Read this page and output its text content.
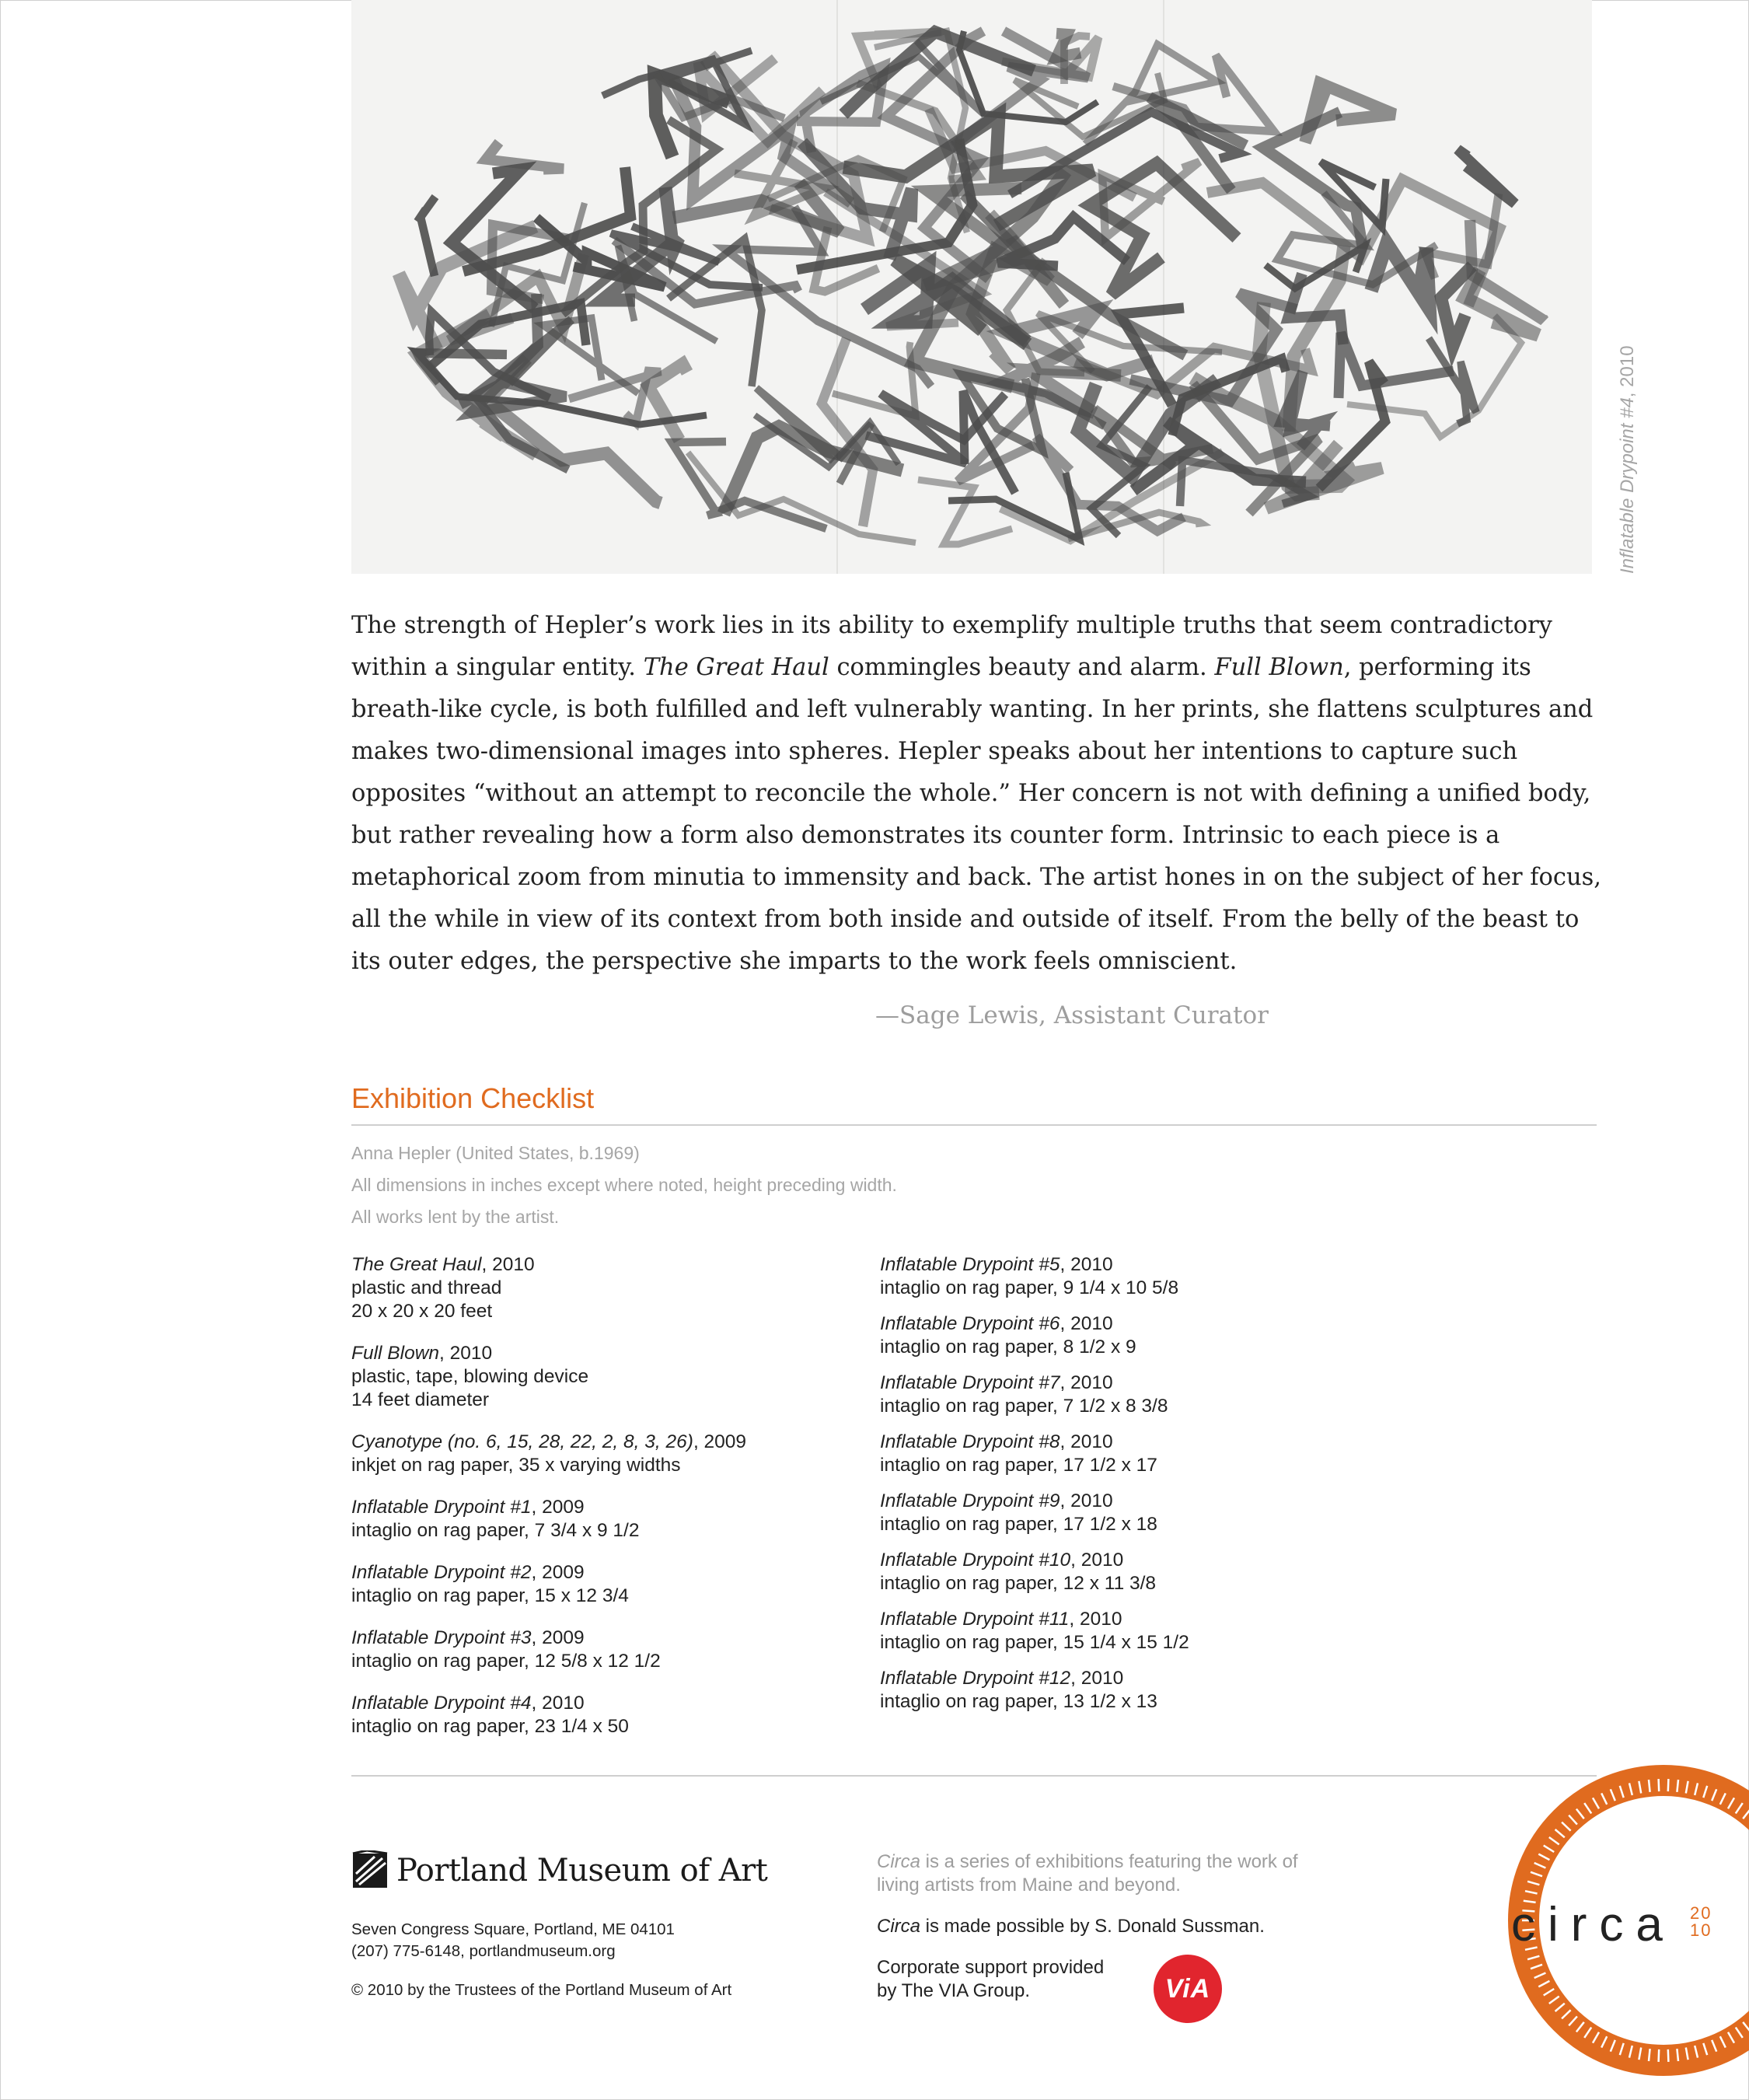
Inflatable Drypoint #4, 2010

The strength of Hepler’s work lies in its ability to exemplify multiple truths that seem contradictory within a singular entity. The Great Haul commingles beauty and alarm. Full Blown, performing its breath-like cycle, is both fulfilled and left vulnerably wanting. In her prints, she flattens sculptures and makes two-dimensional images into spheres. Hepler speaks about her intentions to capture such opposites “without an attempt to reconcile the whole.” Her concern is not with defining a unified body, but rather revealing how a form also demonstrates its counter form. Intrinsic to each piece is a metaphorical zoom from minutia to immensity and back. The artist hones in on the subject of her focus, all the while in view of its context from both inside and outside of itself. From the belly of the beast to its outer edges, the perspective she imparts to the work feels omniscient.

—Sage Lewis, Assistant Curator
Exhibition Checklist
Anna Hepler (United States, b.1969)
All dimensions in inches except where noted, height preceding width.
All works lent by the artist.
The Great Haul, 2010
plastic and thread
20 x 20 x 20 feet
Full Blown, 2010
plastic, tape, blowing device
14 feet diameter
Cyanotype (no. 6, 15, 28, 22, 2, 8, 3, 26), 2009
inkjet on rag paper, 35 x varying widths
Inflatable Drypoint #1, 2009
intaglio on rag paper, 7 3/4 x 9 1/2
Inflatable Drypoint #2, 2009
intaglio on rag paper, 15 x 12 3/4
Inflatable Drypoint #3, 2009
intaglio on rag paper, 12 5/8 x 12 1/2
Inflatable Drypoint #4, 2010
intaglio on rag paper, 23 1/4 x 50
Inflatable Drypoint #5, 2010
intaglio on rag paper, 9 1/4 x 10 5/8
Inflatable Drypoint #6, 2010
intaglio on rag paper, 8 1/2 x 9
Inflatable Drypoint #7, 2010
intaglio on rag paper, 7 1/2 x 8 3/8
Inflatable Drypoint #8, 2010
intaglio on rag paper, 17 1/2 x 17
Inflatable Drypoint #9, 2010
intaglio on rag paper, 17 1/2 x 18
Inflatable Drypoint #10, 2010
intaglio on rag paper, 12 x 11 3/8
Inflatable Drypoint #11, 2010
intaglio on rag paper, 15 1/4 x 15 1/2
Inflatable Drypoint #12, 2010
intaglio on rag paper, 13 1/2 x 13
Portland Museum of Art
Seven Congress Square, Portland, ME 04101
(207) 775-6148, portlandmuseum.org
© 2010 by the Trustees of the Portland Museum of Art
Circa is a series of exhibitions featuring the work of living artists from Maine and beyond.
Circa is made possible by S. Donald Sussman.
Corporate support provided
by The VIA Group.	ViA
circa 20
10
